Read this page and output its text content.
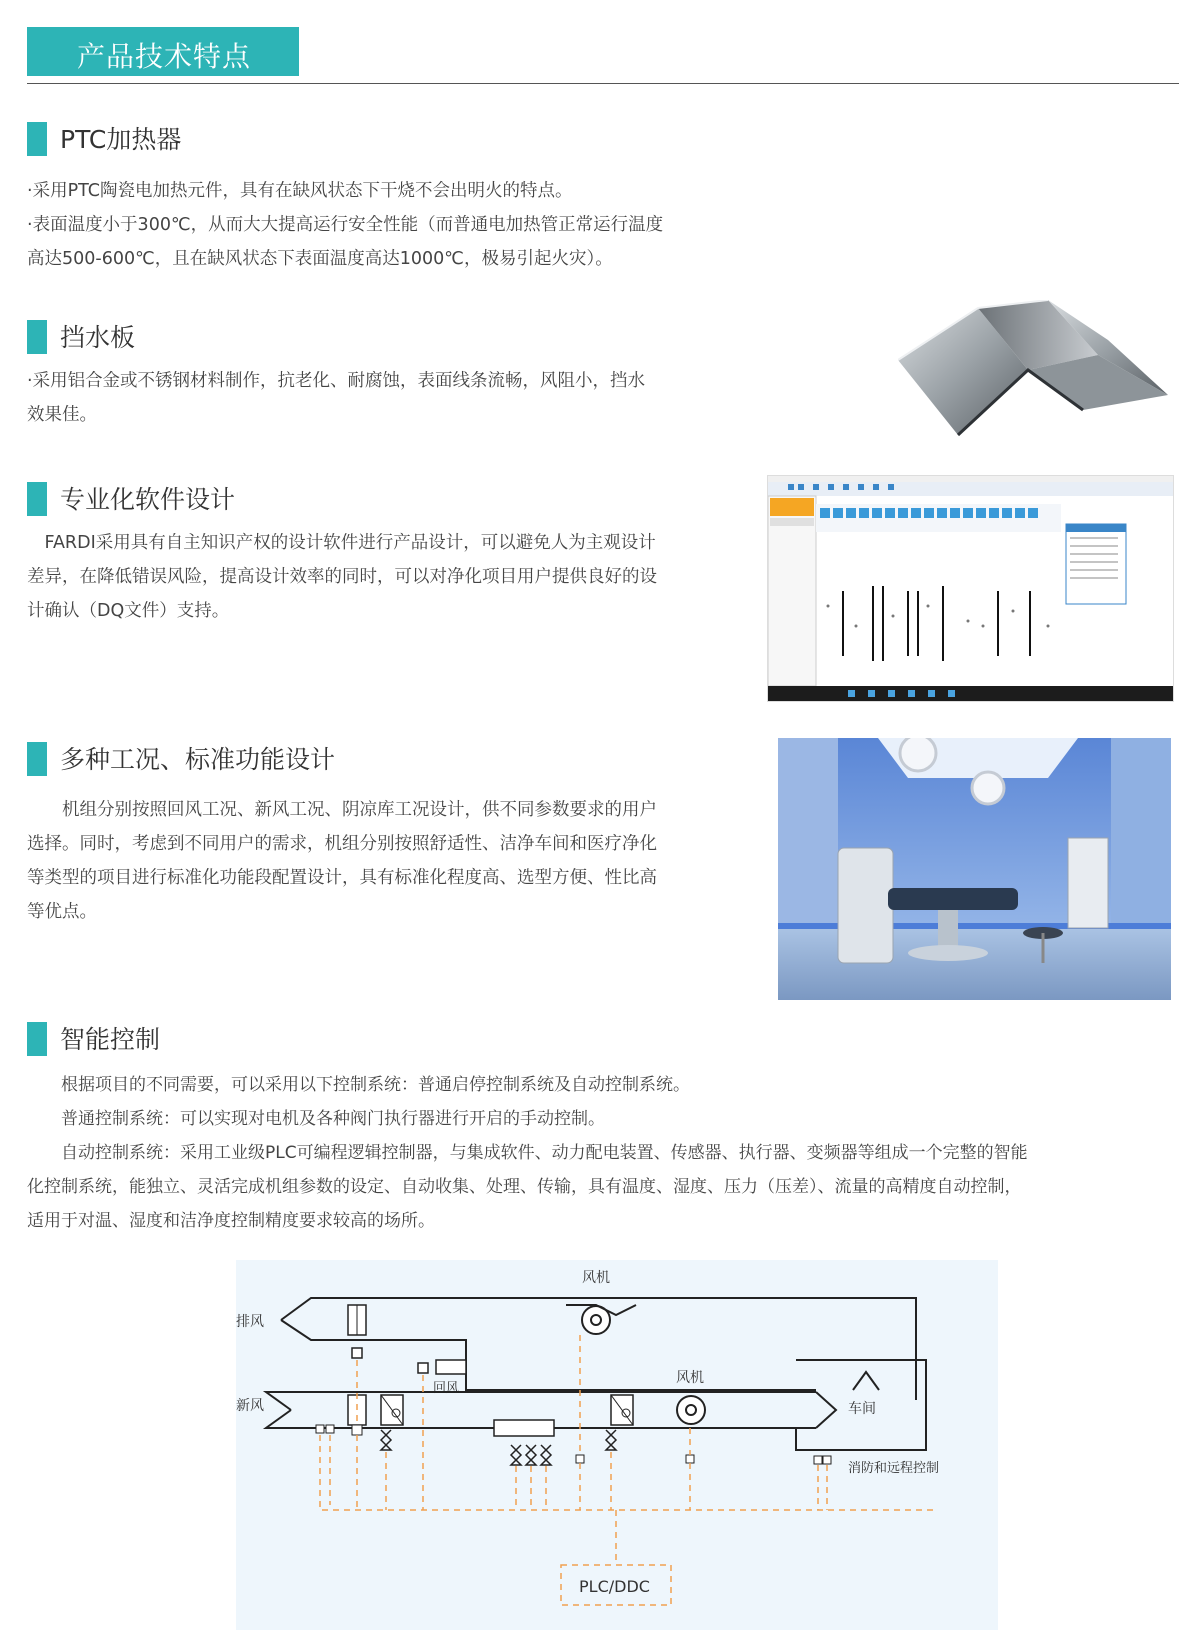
产品技术特点
PTC加热器

·采用PTC陶瓷电加热元件，具有在缺风状态下干烧不会出明火的特点。

·表面温度小于300℃，从而大大提高运行安全性能（而普通电加热管正常运行温度

高达500-600℃，且在缺风状态下表面温度高达1000℃，极易引起火灾）。

挡水板

·采用铝合金或不锈钢材料制作，抗老化、耐腐蚀，表面线条流畅，风阻小，挡水

效果佳。

专业化软件设计

　FARDI采用具有自主知识产权的设计软件进行产品设计，可以避免人为主观设计

差异，在降低错误风险，提高设计效率的同时，可以对净化项目用户提供良好的设

计确认（DQ文件）支持。

多种工况、标准功能设计

　　机组分别按照回风工况、新风工况、阴凉库工况设计，供不同参数要求的用户

选择。同时，考虑到不同用户的需求，机组分别按照舒适性、洁净车间和医疗净化

等类型的项目进行标准化功能段配置设计，具有标准化程度高、选型方便、性比高

等优点。

智能控制

　　根据项目的不同需要，可以采用以下控制系统：普通启停控制系统及自动控制系统。

　　普通控制系统：可以实现对电机及各种阀门执行器进行开启的手动控制。

　　自动控制系统：采用工业级PLC可编程逻辑控制器，与集成软件、动力配电装置、传感器、执行器、变频器等组成一个完整的智能

化控制系统，能独立、灵活完成机组参数的设定、自动收集、处理、传输，具有温度、湿度、压力（压差）、流量的高精度自动控制，

适用于对温、湿度和洁净度控制精度要求较高的场所。

风机
排风
回风
新风
风机
车间
消防和远程控制
PLC/DDC
